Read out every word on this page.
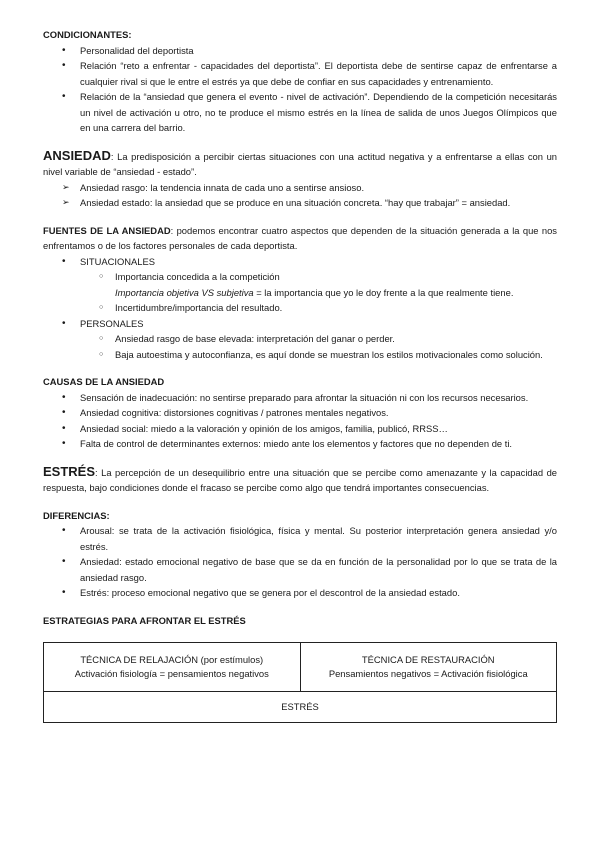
CONDICIONANTES:
• Personalidad del deportista
• Relación “reto a enfrentar - capacidades del deportista”. El deportista debe de sentirse capaz de enfrentarse a cualquier rival si que le entre el estrés ya que debe de confiar en sus capacidades y entrenamiento.
• Relación de la “ansiedad que genera el evento - nivel de activación”. Dependiendo de la competición necesitarás un nivel de activación u otro, no te produce el mismo estrés en la línea de salida de unos Juegos Olímpicos que en una carrera del barrio.

ANSIEDAD: La predisposición a percibir ciertas situaciones con una actitud negativa y a enfrentarse a ellas con un nivel variable de “ansiedad - estado”.

➢ Ansiedad rasgo: la tendencia innata de cada uno a sentirse ansioso.
➢ Ansiedad estado: la ansiedad que se produce en una situación concreta. “hay que trabajar” = ansiedad.

FUENTES DE LA ANSIEDAD: podemos encontrar cuatro aspectos que dependen de la situación generada a la que nos enfrentamos o de los factores personales de cada deportista.

• SITUACIONALES
○ Importancia concedida a la competición
Importancia objetiva VS subjetiva = la importancia que yo le doy frente a la que realmente tiene.
○ Incertidumbre/importancia del resultado.
• PERSONALES
○ Ansiedad rasgo de base elevada: interpretación del ganar o perder.
○ Baja autoestima y autoconfianza, es aquí donde se muestran los estilos motivacionales como solución.
CAUSAS DE LA ANSIEDAD
• Sensación de inadecuación: no sentirse preparado para afrontar la situación ni con los recursos necesarios.
• Ansiedad cognitiva: distorsiones cognitivas / patrones mentales negativos.
• Ansiedad social: miedo a la valoración y opinión de los amigos, familia, publicó, RRSS…
• Falta de control de determinantes externos: miedo ante los elementos y factores que no dependen de ti.

ESTRÉS: La percepción de un desequilibrio entre una situación que se percibe como amenazante y la capacidad de respuesta, bajo condiciones donde el fracaso se percibe como algo que tendrá importantes consecuencias.

DIFERENCIAS:
• Arousal: se trata de la activación fisiológica, física y mental. Su posterior interpretación genera ansiedad y/o estrés.
• Ansiedad: estado emocional negativo de base que se da en función de la personalidad por lo que se trata de la ansiedad rasgo.
• Estrés: proceso emocional negativo que se genera por el descontrol de la ansiedad estado.
ESTRATEGIAS PARA AFRONTAR EL ESTRÉS
TÉCNICA DE RELAJACIÓN (por estímulos)
Activación fisiología = pensamientos negativos

TÉCNICA DE RESTAURACIÓN
Pensamientos negativos = Activación fisiológica

ESTRÉS
